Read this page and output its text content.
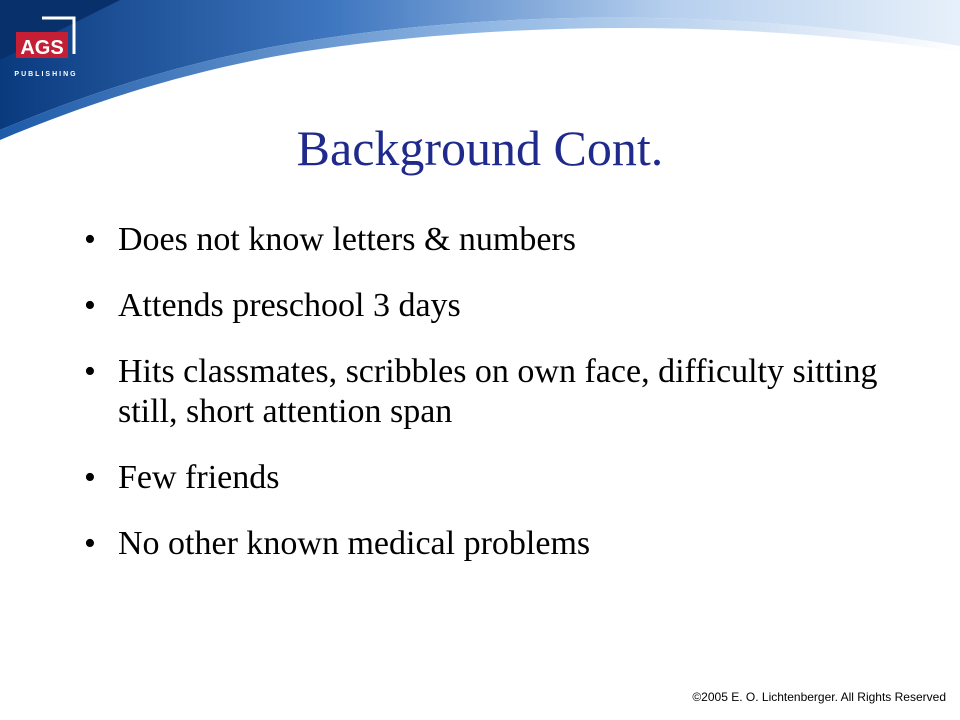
AGS
PUBLISHING
Background Cont.
• Does not know letters & numbers
• Attends preschool 3 days
• Hits classmates, scribbles on own face, difficulty sitting still, short attention span
• Few friends
• No other known medical problems
©2005 E. O. Lichtenberger. All Rights Reserved
